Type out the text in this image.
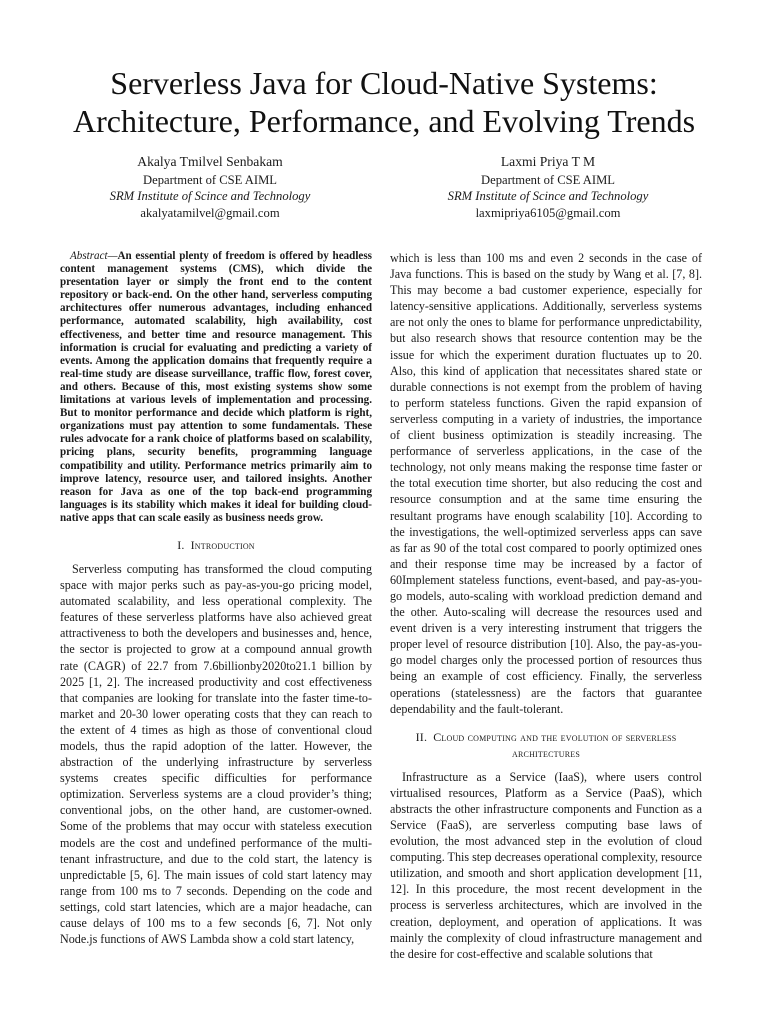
Serverless Java for Cloud-Native Systems: Architecture, Performance, and Evolving Trends
Akalya Tmilvel Senbakam
Department of CSE AIML
SRM Institute of Scince and Technology
akalyatamilvel@gmail.com
Laxmi Priya T M
Department of CSE AIML
SRM Institute of Scince and Technology
laxmipriya6105@gmail.com

Abstract—An essential plenty of freedom is offered by headless content management systems (CMS), which divide the presentation layer or simply the front end to the content repository or back-end. On the other hand, serverless computing architectures offer numerous advantages, including enhanced performance, automated scalability, high availability, cost effectiveness, and better time and resource management. This information is crucial for evaluating and predicting a variety of events. Among the application domains that frequently require a real-time study are disease surveillance, traffic flow, forest cover, and others. Because of this, most existing systems show some limitations at various levels of implementation and processing. But to monitor performance and decide which platform is right, organizations must pay attention to some fundamentals. These rules advocate for a rank choice of platforms based on scalability, pricing plans, security benefits, programming language compatibility and utility. Performance metrics primarily aim to improve latency, resource user, and tailored insights. Another reason for Java as one of the top back-end programming languages is its stability which makes it ideal for building cloud-native apps that can scale easily as business needs grow.

I. Introduction

Serverless computing has transformed the cloud computing space with major perks such as pay-as-you-go pricing model, automated scalability, and less operational complexity. The features of these serverless platforms have also achieved great attractiveness to both the developers and businesses and, hence, the sector is projected to grow at a compound annual growth rate (CAGR) of 22.7 from 7.6billionby2020to21.1 billion by 2025 [1, 2]. The increased productivity and cost effectiveness that companies are looking for translate into the faster time-to-market and 20-30 lower operating costs that they can reach to the extent of 4 times as high as those of conventional cloud models, thus the rapid adoption of the latter. However, the abstraction of the underlying infrastructure by serverless systems creates specific difficulties for performance optimization. Serverless systems are a cloud provider’s thing; conventional jobs, on the other hand, are customer-owned. Some of the problems that may occur with stateless execution models are the cost and undefined performance of the multi-tenant infrastructure, and due to the cold start, the latency is unpredictable [5, 6]. The main issues of cold start latency may range from 100 ms to 7 seconds. Depending on the code and settings, cold start latencies, which are a major headache, can cause delays of 100 ms to a few seconds [6, 7]. Not only Node.js functions of AWS Lambda show a cold start latency,

which is less than 100 ms and even 2 seconds in the case of Java functions. This is based on the study by Wang et al. [7, 8]. This may become a bad customer experience, especially for latency-sensitive applications. Additionally, serverless systems are not only the ones to blame for performance unpredictability, but also research shows that resource contention may be the issue for which the experiment duration fluctuates up to 20. Also, this kind of application that necessitates shared state or durable connections is not exempt from the problem of having to perform stateless functions. Given the rapid expansion of serverless computing in a variety of industries, the importance of client business optimization is steadily increasing. The performance of serverless applications, in the case of the technology, not only means making the response time faster or the total execution time shorter, but also reducing the cost and resource consumption and at the same time ensuring the resultant programs have enough scalability [10]. According to the investigations, the well-optimized serverless apps can save as far as 90 of the total cost compared to poorly optimized ones and their response time may be increased by a factor of 60Implement stateless functions, event-based, and pay-as-you-go models, auto-scaling with workload prediction demand and the other. Auto-scaling will decrease the resources used and event driven is a very interesting instrument that triggers the proper level of resource distribution [10]. Also, the pay-as-you-go model charges only the processed portion of resources thus being an example of cost efficiency. Finally, the serverless operations (statelessness) are the factors that guarantee dependability and the fault-tolerant.

II. Cloud computing and the evolution of serverless architectures

Infrastructure as a Service (IaaS), where users control virtualised resources, Platform as a Service (PaaS), which abstracts the other infrastructure components and Function as a Service (FaaS), are serverless computing base laws of evolution, the most advanced step in the evolution of cloud computing. This step decreases operational complexity, resource utilization, and smooth and short application development [11, 12]. In this procedure, the most recent development in the process is serverless architectures, which are involved in the creation, deployment, and operation of applications. It was mainly the complexity of cloud infrastructure management and the desire for cost-effective and scalable solutions that
